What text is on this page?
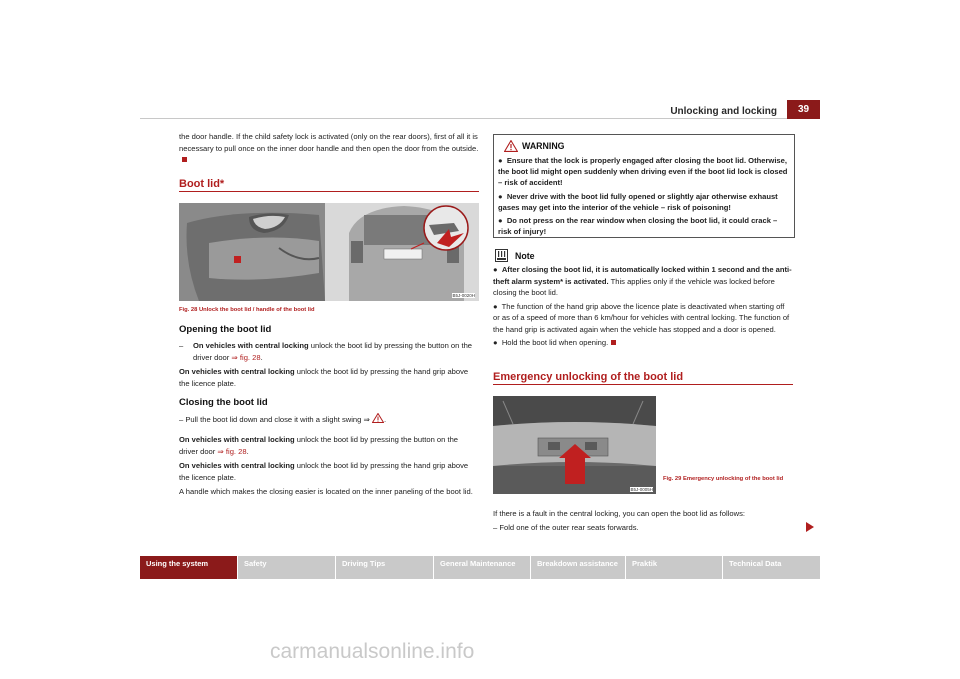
Unlocking and locking	39
the door handle. If the child safety lock is activated (only on the rear doors), first of all it is necessary to pull once on the inner door handle and then open the door from the outside.
Boot lid*
B5J-0020H
Fig. 28 Unlock the boot lid / handle of the boot lid
Opening the boot lid
–	On vehicles with central locking unlock the boot lid by pressing the button on the driver door ⇒ fig. 28.
On vehicles with central locking unlock the boot lid by pressing the hand grip above the licence plate.
Closing the boot lid
– Pull the boot lid down and close it with a slight swing ⇒ .
On vehicles with central locking unlock the boot lid by pressing the button on the driver door ⇒ fig. 28.
On vehicles with central locking unlock the boot lid by pressing the hand grip above the licence plate.
A handle which makes the closing easier is located on the inner paneling of the boot lid.
WARNING
●  Ensure that the lock is properly engaged after closing the boot lid. Otherwise, the boot lid might open suddenly when driving even if the boot lid lock is closed – risk of accident!
●  Never drive with the boot lid fully opened or slightly ajar otherwise exhaust gases may get into the interior of the vehicle – risk of poisoning!
●  Do not press on the rear window when closing the boot lid, it could crack – risk of injury!
Note
●  After closing the boot lid, it is automatically locked within 1 second and the anti-theft alarm system* is activated. This applies only if the vehicle was locked before closing the boot lid.
●  The function of the hand grip above the licence plate is deactivated when starting off or as of a speed of more than 6 km/hour for vehicles with central locking. The function of the hand grip is activated again when the vehicle has stopped and a door is opened.
●  Hold the boot lid when opening.
Emergency unlocking of the boot lid
B5J-0005H
Fig. 29 Emergency unlocking of the boot lid
If there is a fault in the central locking, you can open the boot lid as follows:
– Fold one of the outer rear seats forwards.
Using the system	Safety	Driving Tips	General Maintenance	Breakdown assistance	Praktik	Technical Data
carmanualsonline.info
